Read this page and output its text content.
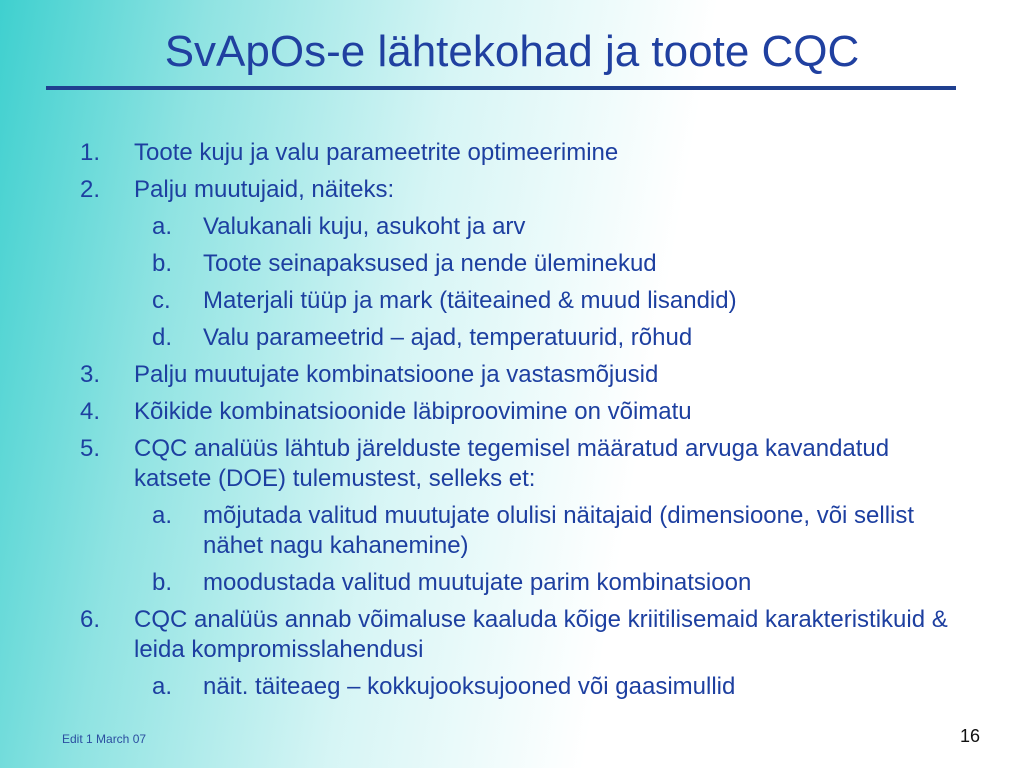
SvApOs-e lähtekohad ja toote CQC
1.	Toote kuju ja valu parameetrite optimeerimine
2.	Palju muutujaid, näiteks:
a.	Valukanali kuju, asukoht ja arv
b.	Toote seinapaksused ja nende üleminekud
c.	Materjali tüüp ja mark (täiteained & muud lisandid)
d.	Valu parameetrid – ajad, temperatuurid, rõhud
3.	Palju muutujate kombinatsioone ja vastasmõjusid
4.	Kõikide kombinatsioonide läbiproovimine on võimatu
5.	CQC analüüs lähtub järelduste tegemisel määratud arvuga kavandatud katsete (DOE) tulemustest, selleks et:
a.	mõjutada valitud muutujate olulisi näitajaid (dimensioone, või sellist nähet nagu kahanemine)
b.	moodustada valitud muutujate parim kombinatsioon
6.	CQC analüüs annab võimaluse kaaluda kõige kriitilisemaid karakteristikuid & leida kompromisslahendusi
a.	näit. täiteaeg – kokkujooksujooned või gaasimullid
Edit 1 March 07	16
